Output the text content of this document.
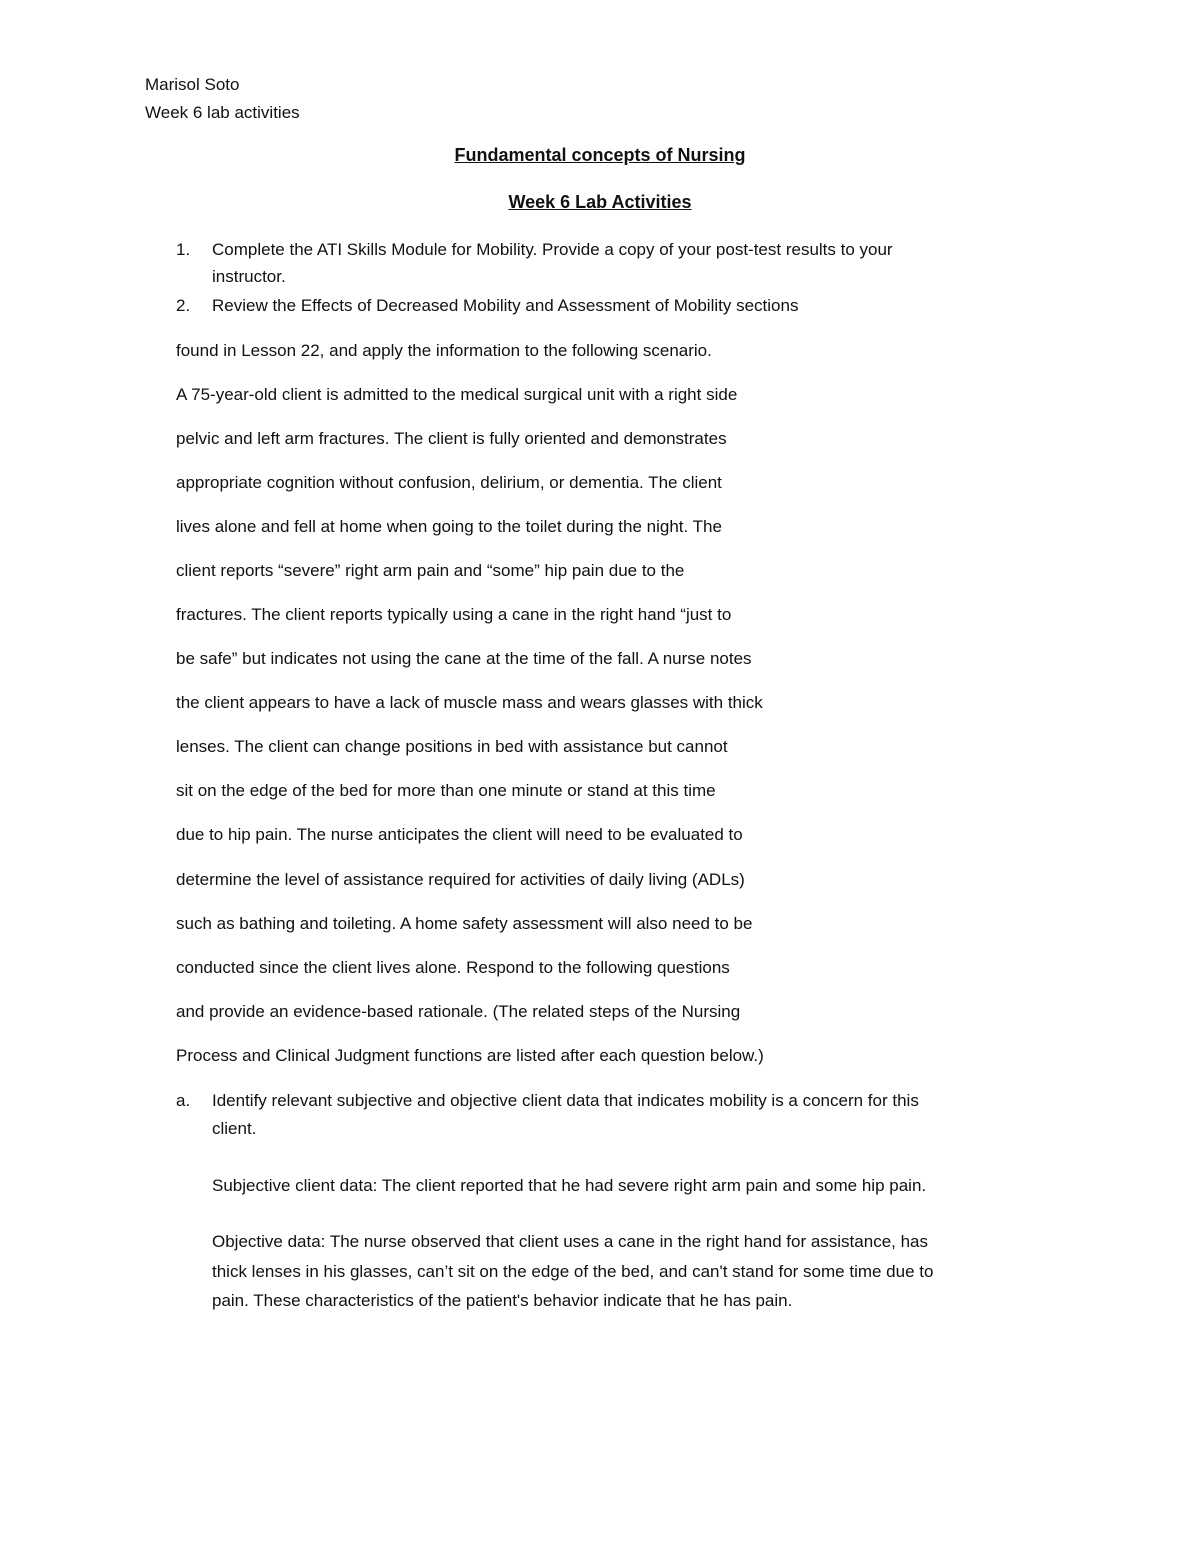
Marisol Soto

Week 6 lab activities

Fundamental concepts of Nursing

Week 6 Lab Activities

1. Complete the ATI Skills Module for Mobility. Provide a copy of your post-test results to your

instructor.

2. Review the Effects of Decreased Mobility and Assessment of Mobility sections

found in Lesson 22, and apply the information to the following scenario.

A 75-year-old client is admitted to the medical surgical unit with a right side

pelvic and left arm fractures. The client is fully oriented and demonstrates

appropriate cognition without confusion, delirium, or dementia. The client

lives alone and fell at home when going to the toilet during the night. The

client reports “severe” right arm pain and “some” hip pain due to the

fractures. The client reports typically using a cane in the right hand “just to

be safe” but indicates not using the cane at the time of the fall. A nurse notes

the client appears to have a lack of muscle mass and wears glasses with thick

lenses. The client can change positions in bed with assistance but cannot

sit on the edge of the bed for more than one minute or stand at this time

due to hip pain. The nurse anticipates the client will need to be evaluated to

determine the level of assistance required for activities of daily living (ADLs)

such as bathing and toileting. A home safety assessment will also need to be

conducted since the client lives alone. Respond to the following questions

and provide an evidence-based rationale. (The related steps of the Nursing

Process and Clinical Judgment functions are listed after each question below.)

a. Identify relevant subjective and objective client data that indicates mobility is a concern for this

client.

Subjective client data: The client reported that he had severe right arm pain and some hip pain.

Objective data: The nurse observed that client uses a cane in the right hand for assistance, has

thick lenses in his glasses, can’t sit on the edge of the bed, and can't stand for some time due to

pain. These characteristics of the patient's behavior indicate that he has pain.
